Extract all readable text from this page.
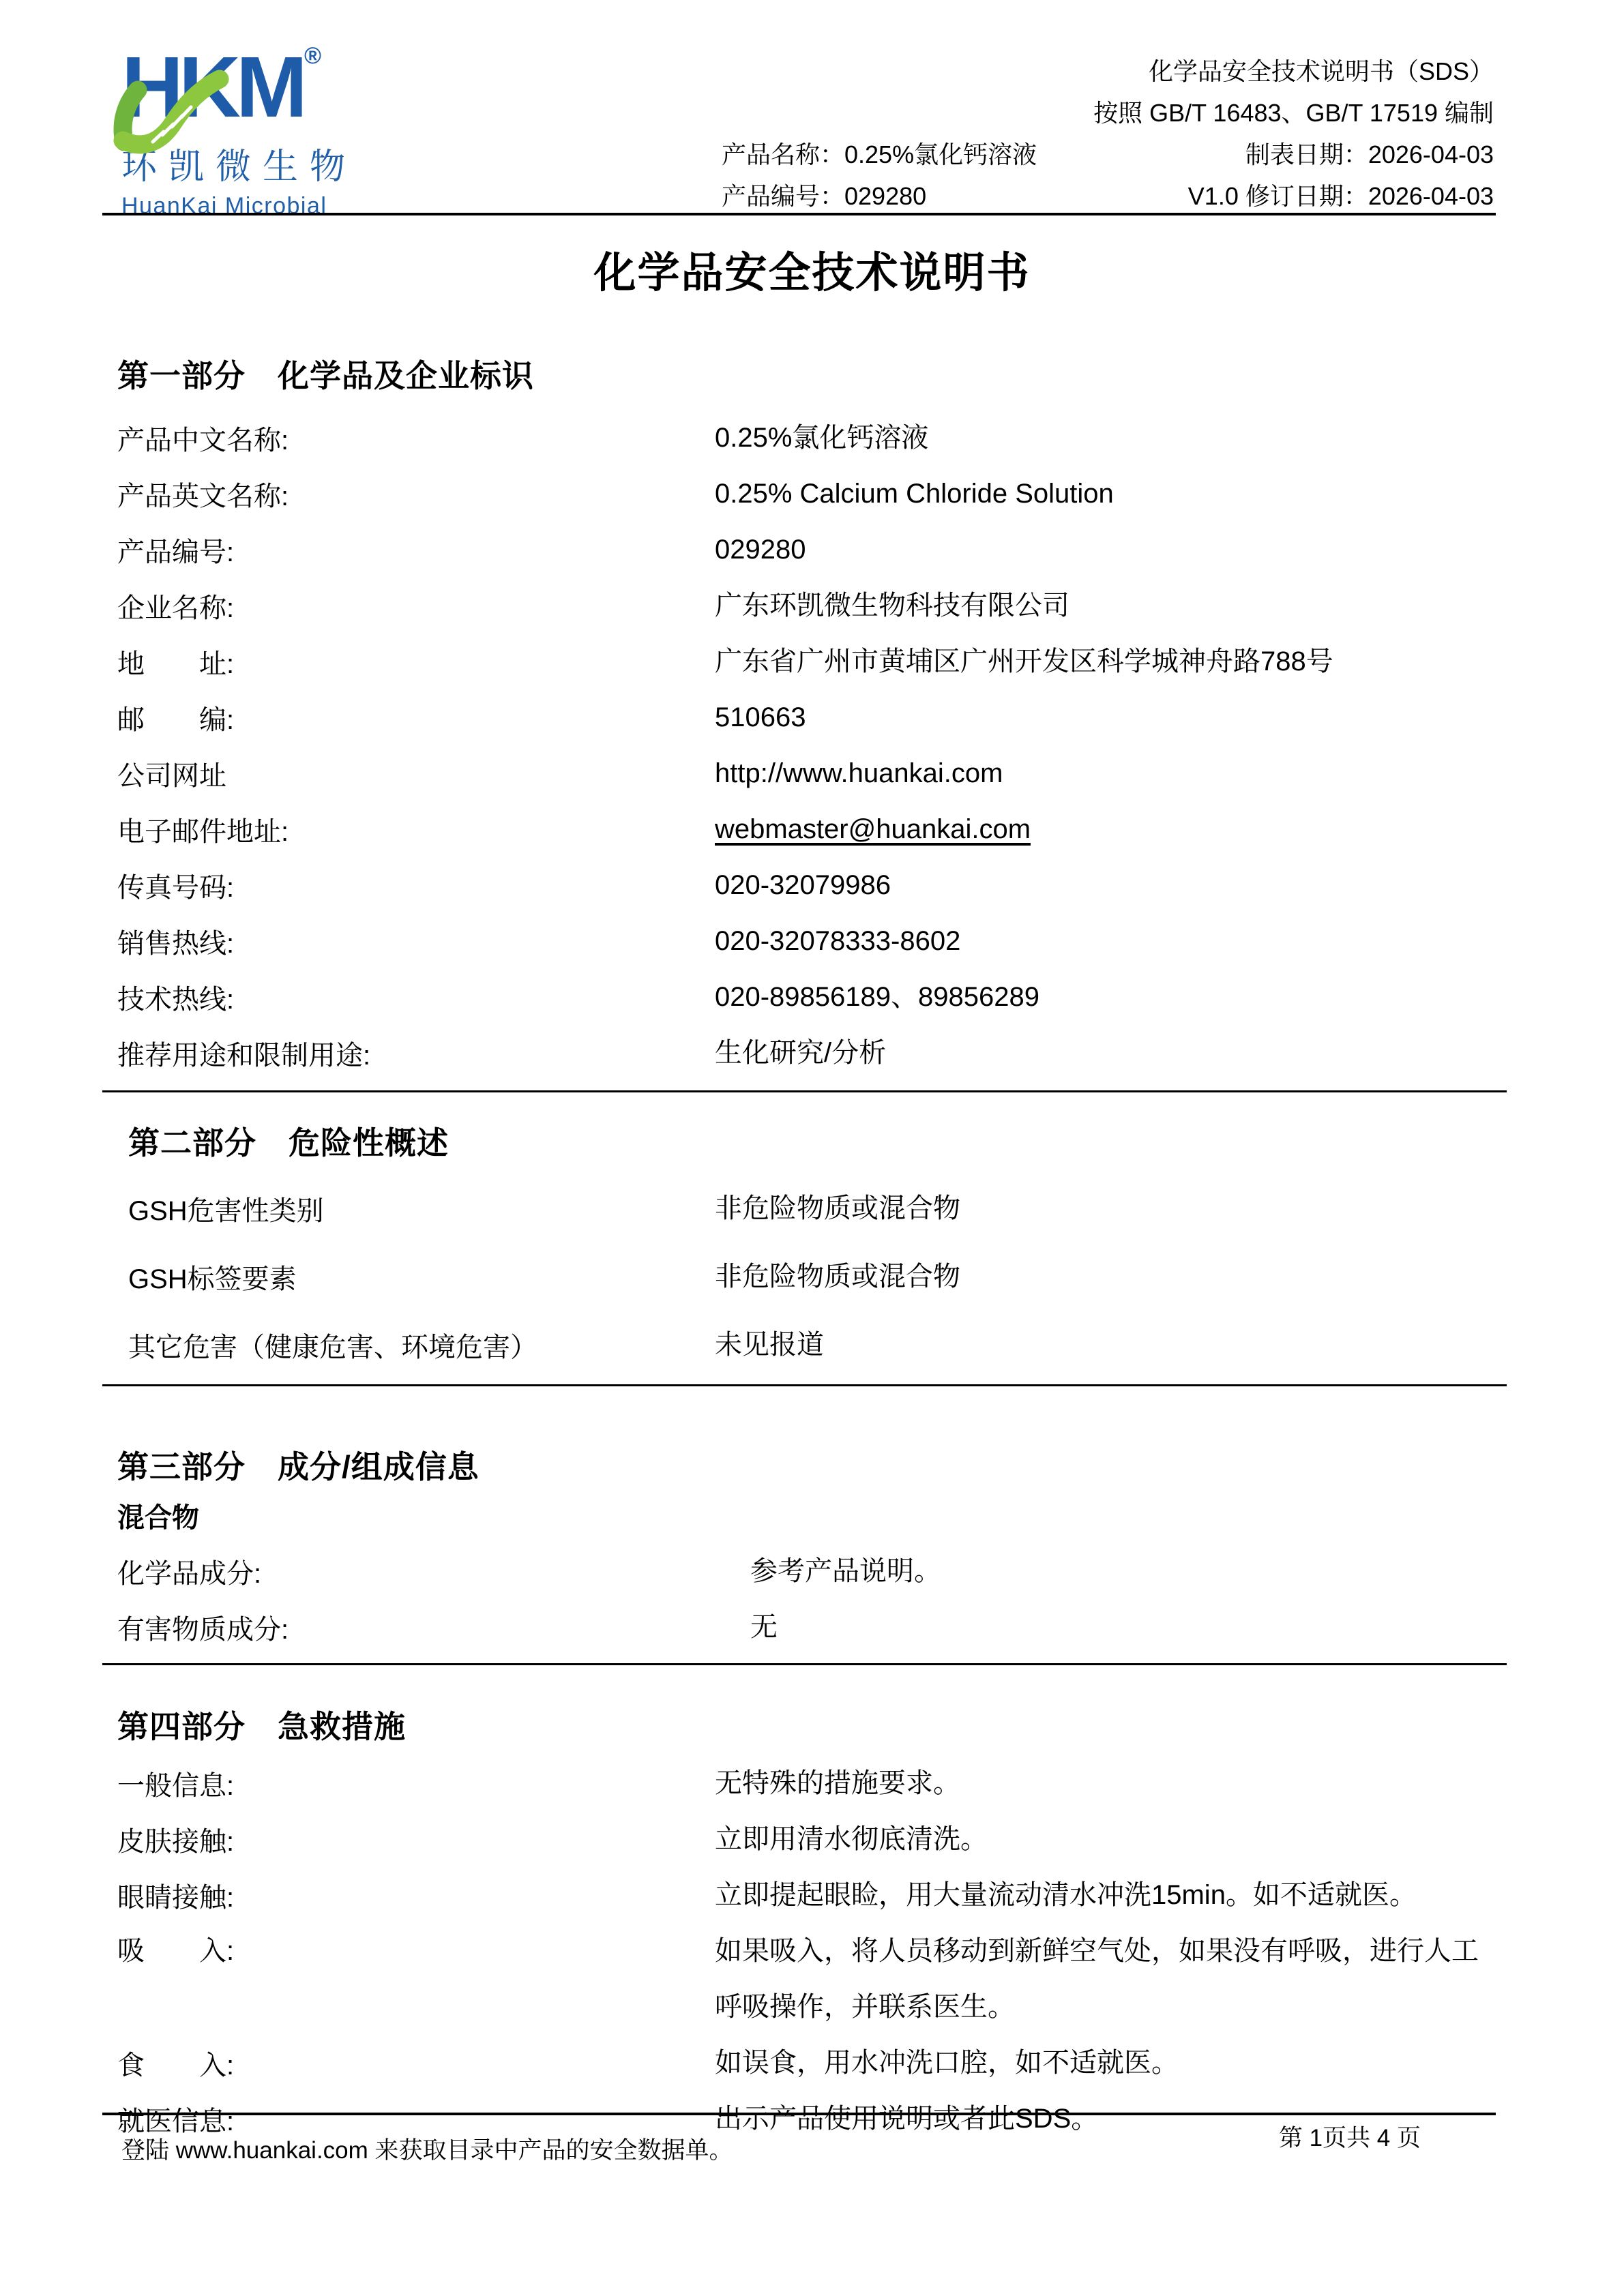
HKM®
环凯微生物
HuanKai Microbial
化学品安全技术说明书（SDS）
按照 GB/T 16483、GB/T 17519 编制
产品名称：0.25%氯化钙溶液	制表日期：2026-04-03
产品编号：029280	V1.0 修订日期：2026-04-03
化学品安全技术说明书
第一部分　化学品及企业标识
产品中文名称:	0.25%氯化钙溶液
产品英文名称:	0.25% Calcium Chloride Solution
产品编号:	029280
企业名称:	广东环凯微生物科技有限公司
地　　址:	广东省广州市黄埔区广州开发区科学城神舟路788号
邮　　编:	510663
公司网址	http://www.huankai.com
电子邮件地址:	webmaster@huankai.com
传真号码:	020-32079986
销售热线:	020-32078333-8602
技术热线:	020-89856189、89856289
推荐用途和限制用途:	生化研究/分析
第二部分　危险性概述
GSH危害性类别	非危险物质或混合物
GSH标签要素	非危险物质或混合物
其它危害（健康危害、环境危害）	未见报道
第三部分　成分/组成信息
混合物
化学品成分:	参考产品说明。
有害物质成分:	无
第四部分　急救措施
一般信息:	无特殊的措施要求。
皮肤接触:	立即用清水彻底清洗。
眼睛接触:	立即提起眼睑，用大量流动清水冲洗15min。如不适就医。
吸　　入:	如果吸入，将人员移动到新鲜空气处，如果没有呼吸，进行人工呼吸操作，并联系医生。
食　　入:	如误食，用水冲洗口腔，如不适就医。
就医信息:	出示产品使用说明或者此SDS。
登陆 www.huankai.com 来获取目录中产品的安全数据单。	第 1页共 4 页
